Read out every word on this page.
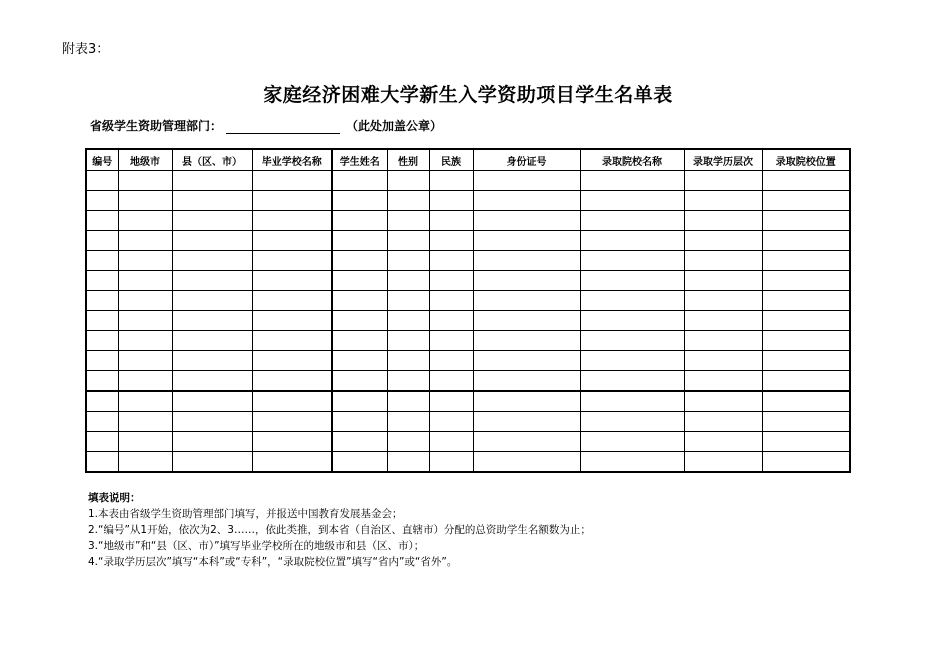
附表3：
家庭经济困难大学新生入学资助项目学生名单表
省级学生资助管理部门：	（此处加盖公章）
编号	地级市	县（区、市）	毕业学校名称	学生姓名	性别	民族	身份证号	录取院校名称	录取学历层次	录取院校位置

填表说明：
1.本表由省级学生资助管理部门填写，并报送中国教育发展基金会；
2.“编号”从1开始，依次为2、3……，依此类推，到本省（自治区、直辖市）分配的总资助学生名额数为止；
3.“地级市”和“县（区、市）”填写毕业学校所在的地级市和县（区、市）；
4.“录取学历层次”填写“本科”或“专科”，“录取院校位置”填写“省内”或“省外”。
